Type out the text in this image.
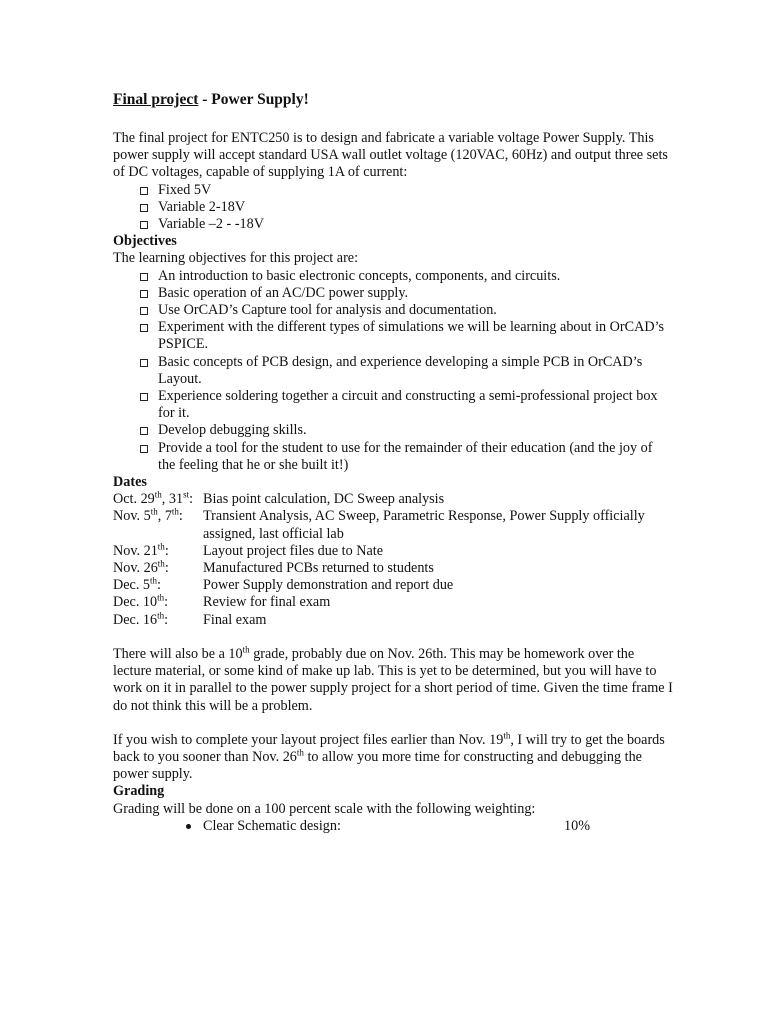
Final project - Power Supply!

The final project for ENTC250 is to design and fabricate a variable voltage Power Supply. This power supply will accept standard USA wall outlet voltage (120VAC, 60Hz) and output three sets of DC voltages, capable of supplying 1A of current:

Fixed 5V
Variable 2-18V
Variable –2 - -18V
Objectives

The learning objectives for this project are:

An introduction to basic electronic concepts, components, and circuits.
Basic operation of an AC/DC power supply.
Use OrCAD’s Capture tool for analysis and documentation.
Experiment with the different types of simulations we will be learning about in OrCAD’s PSPICE.
Basic concepts of PCB design, and experience developing a simple PCB in OrCAD’s Layout.
Experience soldering together a circuit and constructing a semi-professional project box for it.
Develop debugging skills.
Provide a tool for the student to use for the remainder of their education (and the joy of the feeling that he or she built it!)
Dates
Oct. 29th, 31st: Bias point calculation, DC Sweep analysis
Nov. 5th, 7th:	Transient Analysis, AC Sweep, Parametric Response, Power Supply officially assigned, last official lab
Nov. 21th:	Layout project files due to Nate
Nov. 26th:	Manufactured PCBs returned to students
Dec. 5th:	Power Supply demonstration and report due
Dec. 10th:	Review for final exam
Dec. 16th:	Final exam

There will also be a 10th grade, probably due on Nov. 26th. This may be homework over the lecture material, or some kind of make up lab. This is yet to be determined, but you will have to work on it in parallel to the power supply project for a short period of time. Given the time frame I do not think this will be a problem.

If you wish to complete your layout project files earlier than Nov. 19th, I will try to get the boards back to you sooner than Nov. 26th to allow you more time for constructing and debugging the power supply.

Grading

Grading will be done on a 100 percent scale with the following weighting:

Clear Schematic design:	10%
